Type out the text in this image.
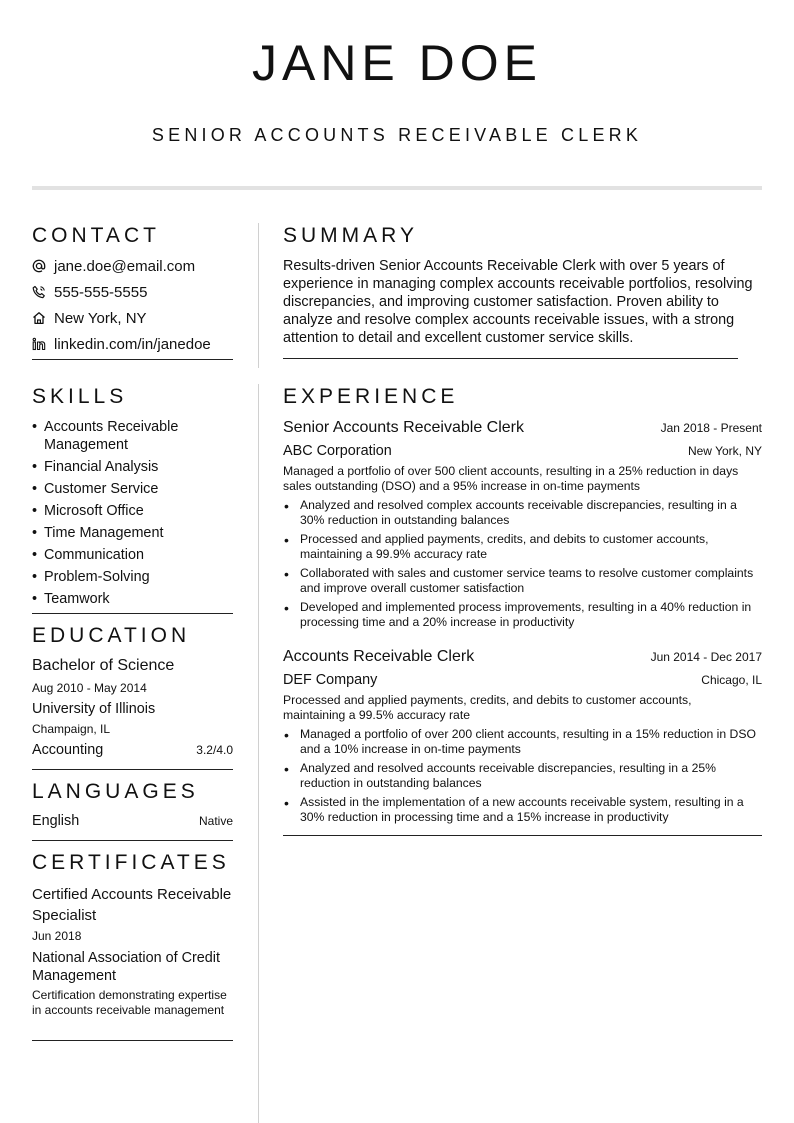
JANE DOE
SENIOR ACCOUNTS RECEIVABLE CLERK
CONTACT
jane.doe@email.com
555-555-5555
New York, NY
linkedin.com/in/janedoe
SUMMARY
Results-driven Senior Accounts Receivable Clerk with over 5 years of experience in managing complex accounts receivable portfolios, resolving discrepancies, and improving customer satisfaction. Proven ability to analyze and resolve complex accounts receivable issues, with a strong attention to detail and excellent customer service skills.
SKILLS
• Accounts Receivable Management
• Financial Analysis
• Customer Service
• Microsoft Office
• Time Management
• Communication
• Problem-Solving
• Teamwork
EDUCATION
Bachelor of Science
Aug 2010 - May 2014
University of Illinois
Champaign, IL
Accounting	3.2/4.0
LANGUAGES
English	Native
CERTIFICATES
Certified Accounts Receivable Specialist
Jun 2018
National Association of Credit Management
Certification demonstrating expertise in accounts receivable management
EXPERIENCE
Senior Accounts Receivable Clerk	Jan 2018 - Present
ABC Corporation	New York, NY
Managed a portfolio of over 500 client accounts, resulting in a 25% reduction in days sales outstanding (DSO) and a 95% increase in on-time payments
• Analyzed and resolved complex accounts receivable discrepancies, resulting in a 30% reduction in outstanding balances
• Processed and applied payments, credits, and debits to customer accounts, maintaining a 99.9% accuracy rate
• Collaborated with sales and customer service teams to resolve customer complaints and improve overall customer satisfaction
• Developed and implemented process improvements, resulting in a 40% reduction in processing time and a 20% increase in productivity
Accounts Receivable Clerk	Jun 2014 - Dec 2017
DEF Company	Chicago, IL
Processed and applied payments, credits, and debits to customer accounts, maintaining a 99.5% accuracy rate
• Managed a portfolio of over 200 client accounts, resulting in a 15% reduction in DSO and a 10% increase in on-time payments
• Analyzed and resolved accounts receivable discrepancies, resulting in a 25% reduction in outstanding balances
• Assisted in the implementation of a new accounts receivable system, resulting in a 30% reduction in processing time and a 15% increase in productivity
